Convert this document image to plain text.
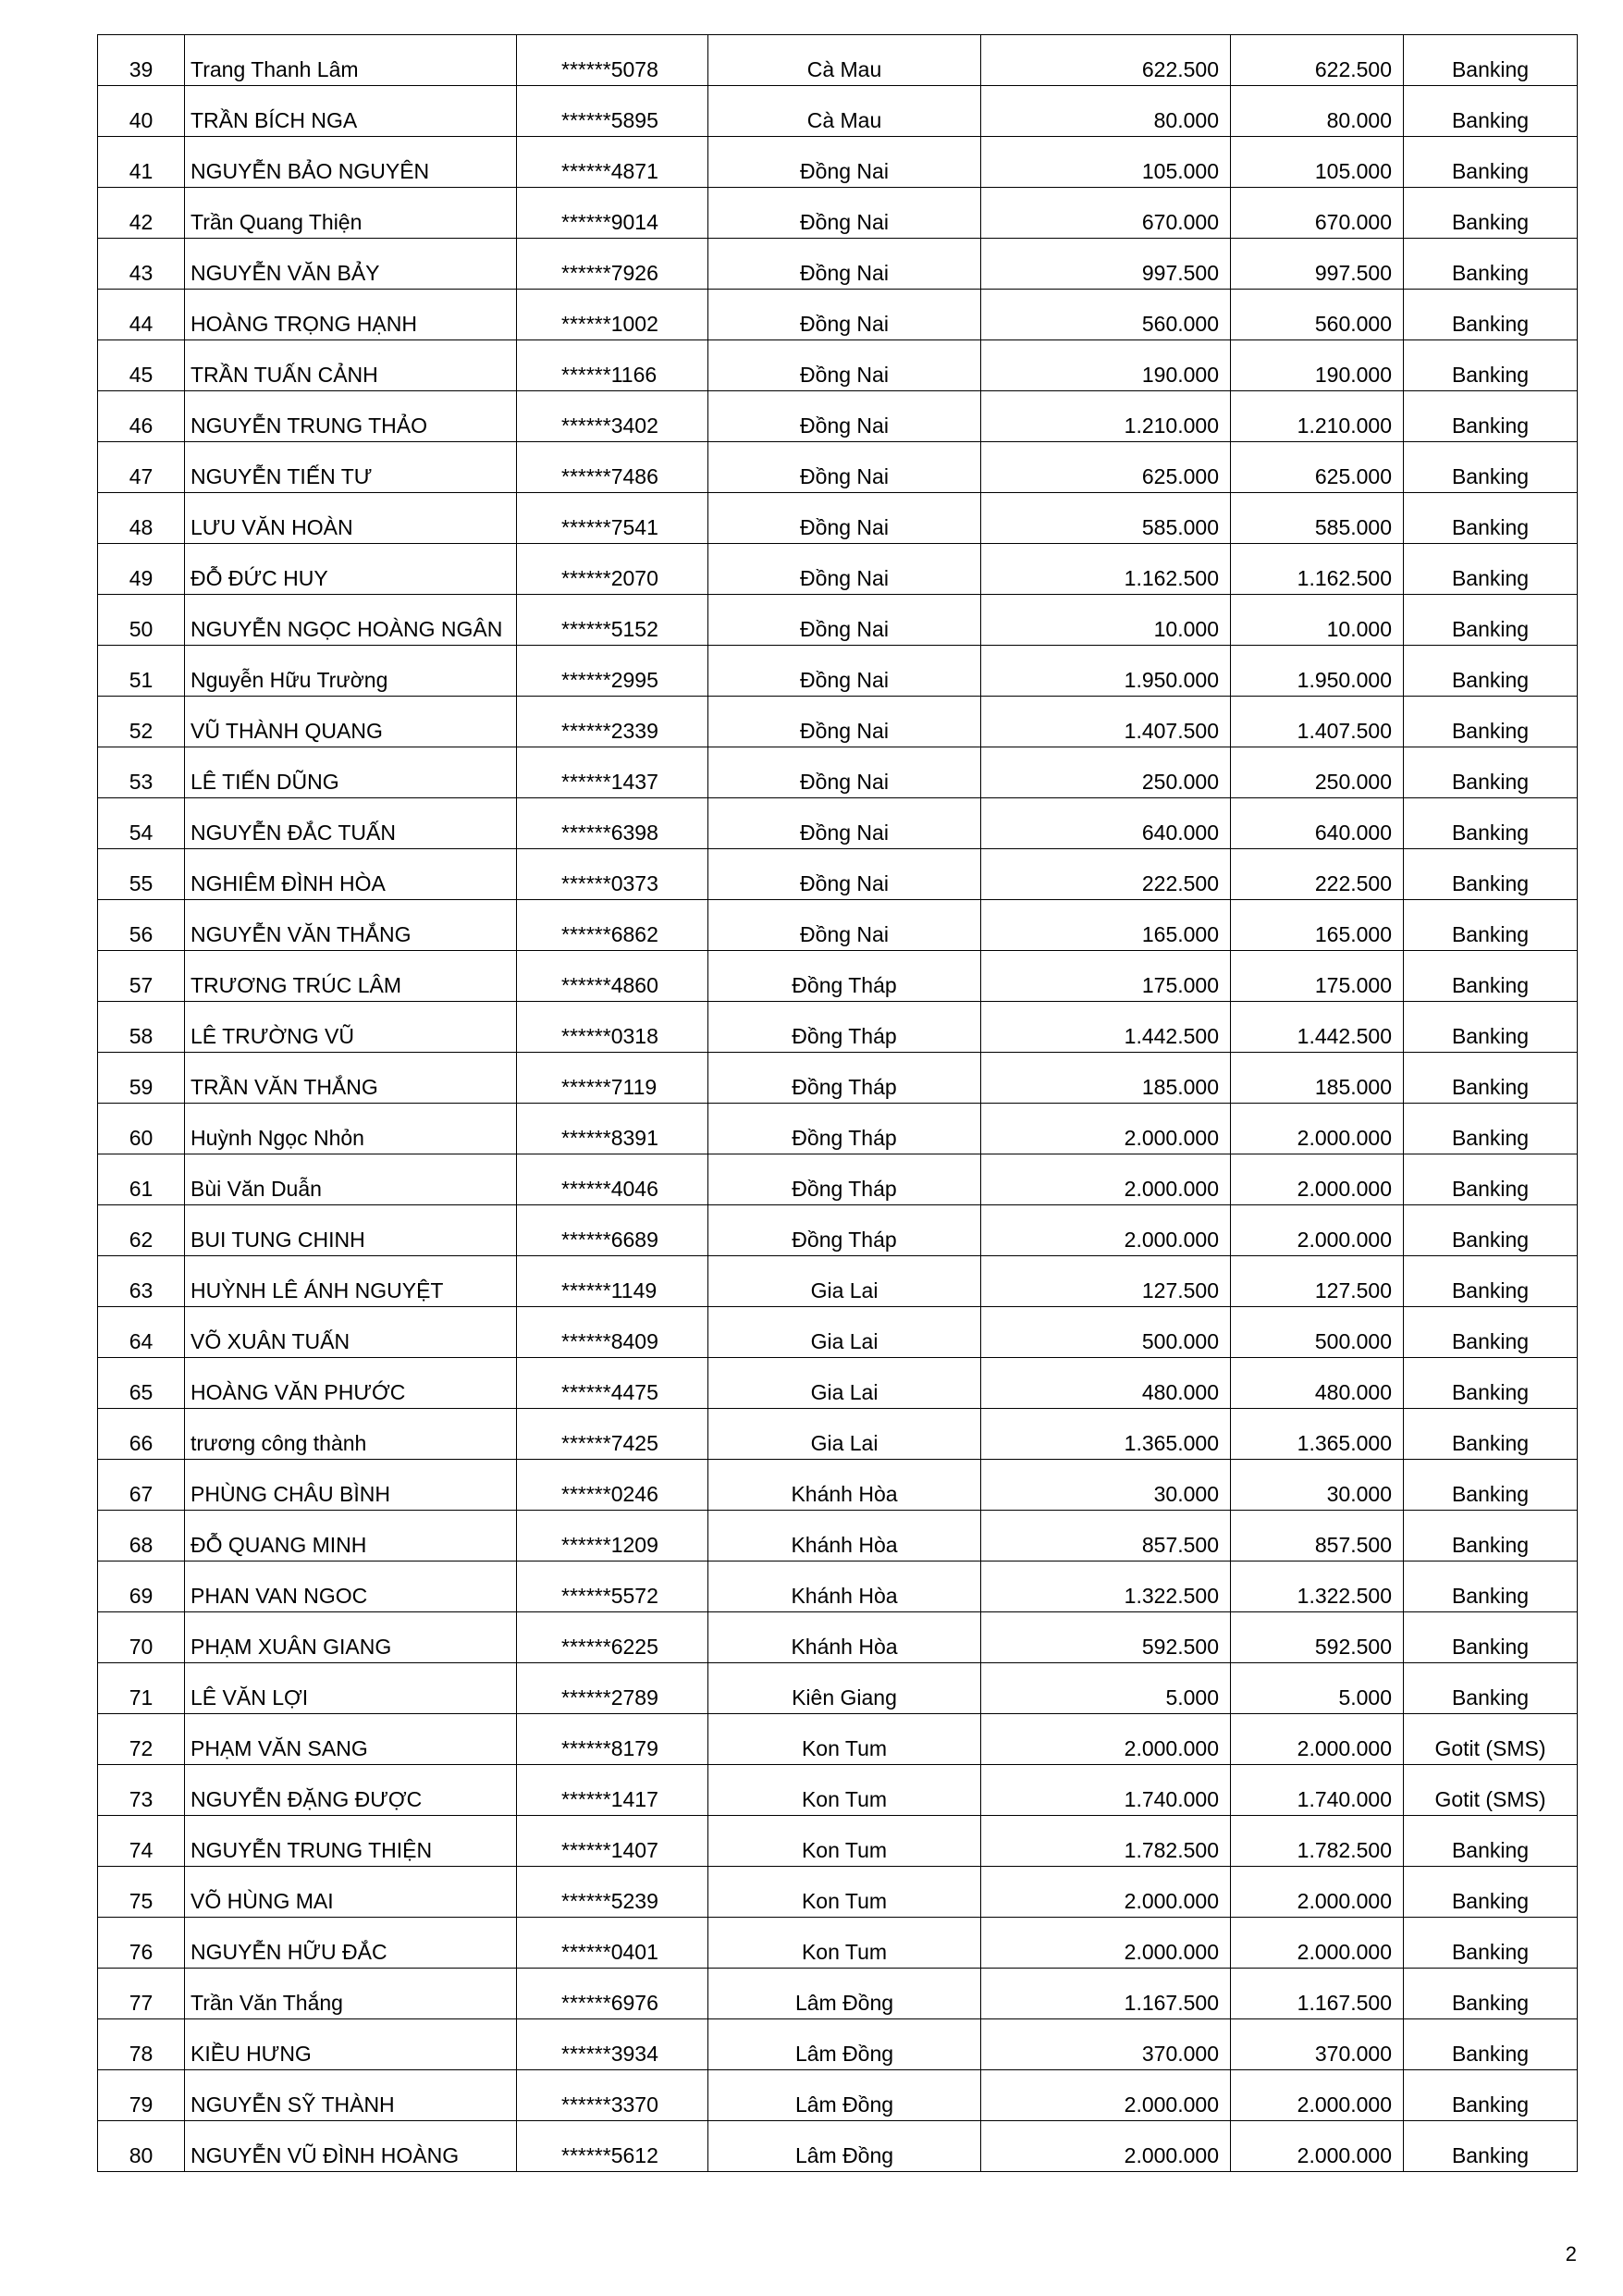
39	Trang Thanh Lâm	******5078	Cà Mau	622.500	622.500	Banking
40	TRẦN BÍCH NGA	******5895	Cà Mau	80.000	80.000	Banking
41	NGUYỄN BẢO NGUYÊN	******4871	Đồng Nai	105.000	105.000	Banking
42	Trần Quang Thiện	******9014	Đồng Nai	670.000	670.000	Banking
43	NGUYỄN VĂN BẢY	******7926	Đồng Nai	997.500	997.500	Banking
44	HOÀNG TRỌNG HẠNH	******1002	Đồng Nai	560.000	560.000	Banking
45	TRẦN TUẤN CẢNH	******1166	Đồng Nai	190.000	190.000	Banking
46	NGUYỄN TRUNG THẢO	******3402	Đồng Nai	1.210.000	1.210.000	Banking
47	NGUYỄN TIẾN TƯ	******7486	Đồng Nai	625.000	625.000	Banking
48	LƯU VĂN HOÀN	******7541	Đồng Nai	585.000	585.000	Banking
49	ĐỖ ĐỨC HUY	******2070	Đồng Nai	1.162.500	1.162.500	Banking
50	NGUYỄN NGỌC HOÀNG NGÂN	******5152	Đồng Nai	10.000	10.000	Banking
51	Nguyễn Hữu Trường	******2995	Đồng Nai	1.950.000	1.950.000	Banking
52	VŨ THÀNH QUANG	******2339	Đồng Nai	1.407.500	1.407.500	Banking
53	LÊ TIẾN DŨNG	******1437	Đồng Nai	250.000	250.000	Banking
54	NGUYỄN ĐẮC TUẤN	******6398	Đồng Nai	640.000	640.000	Banking
55	NGHIÊM ĐÌNH HÒA	******0373	Đồng Nai	222.500	222.500	Banking
56	NGUYỄN VĂN THẮNG	******6862	Đồng Nai	165.000	165.000	Banking
57	TRƯƠNG TRÚC LÂM	******4860	Đồng Tháp	175.000	175.000	Banking
58	LÊ TRƯỜNG VŨ	******0318	Đồng Tháp	1.442.500	1.442.500	Banking
59	TRẦN VĂN THẮNG	******7119	Đồng Tháp	185.000	185.000	Banking
60	Huỳnh Ngọc Nhỏn	******8391	Đồng Tháp	2.000.000	2.000.000	Banking
61	Bùi Văn Duẫn	******4046	Đồng Tháp	2.000.000	2.000.000	Banking
62	BUI TUNG CHINH	******6689	Đồng Tháp	2.000.000	2.000.000	Banking
63	HUỲNH LÊ ÁNH NGUYỆT	******1149	Gia Lai	127.500	127.500	Banking
64	VÕ XUÂN TUẤN	******8409	Gia Lai	500.000	500.000	Banking
65	HOÀNG VĂN PHƯỚC	******4475	Gia Lai	480.000	480.000	Banking
66	trương công thành	******7425	Gia Lai	1.365.000	1.365.000	Banking
67	PHÙNG CHÂU BÌNH	******0246	Khánh Hòa	30.000	30.000	Banking
68	ĐỖ QUANG MINH	******1209	Khánh Hòa	857.500	857.500	Banking
69	PHAN VAN NGOC	******5572	Khánh Hòa	1.322.500	1.322.500	Banking
70	PHẠM XUÂN GIANG	******6225	Khánh Hòa	592.500	592.500	Banking
71	LÊ VĂN LỢI	******2789	Kiên Giang	5.000	5.000	Banking
72	PHẠM VĂN SANG	******8179	Kon Tum	2.000.000	2.000.000	Gotit (SMS)
73	NGUYỄN ĐẶNG ĐƯỢC	******1417	Kon Tum	1.740.000	1.740.000	Gotit (SMS)
74	NGUYỄN TRUNG THIỆN	******1407	Kon Tum	1.782.500	1.782.500	Banking
75	VÕ HÙNG MAI	******5239	Kon Tum	2.000.000	2.000.000	Banking
76	NGUYỄN HỮU ĐẮC	******0401	Kon Tum	2.000.000	2.000.000	Banking
77	Trần Văn Thắng	******6976	Lâm Đồng	1.167.500	1.167.500	Banking
78	KIỀU HƯNG	******3934	Lâm Đồng	370.000	370.000	Banking
79	NGUYỄN SỸ THÀNH	******3370	Lâm Đồng	2.000.000	2.000.000	Banking
80	NGUYỄN VŨ ĐÌNH HOÀNG	******5612	Lâm Đồng	2.000.000	2.000.000	Banking
2
